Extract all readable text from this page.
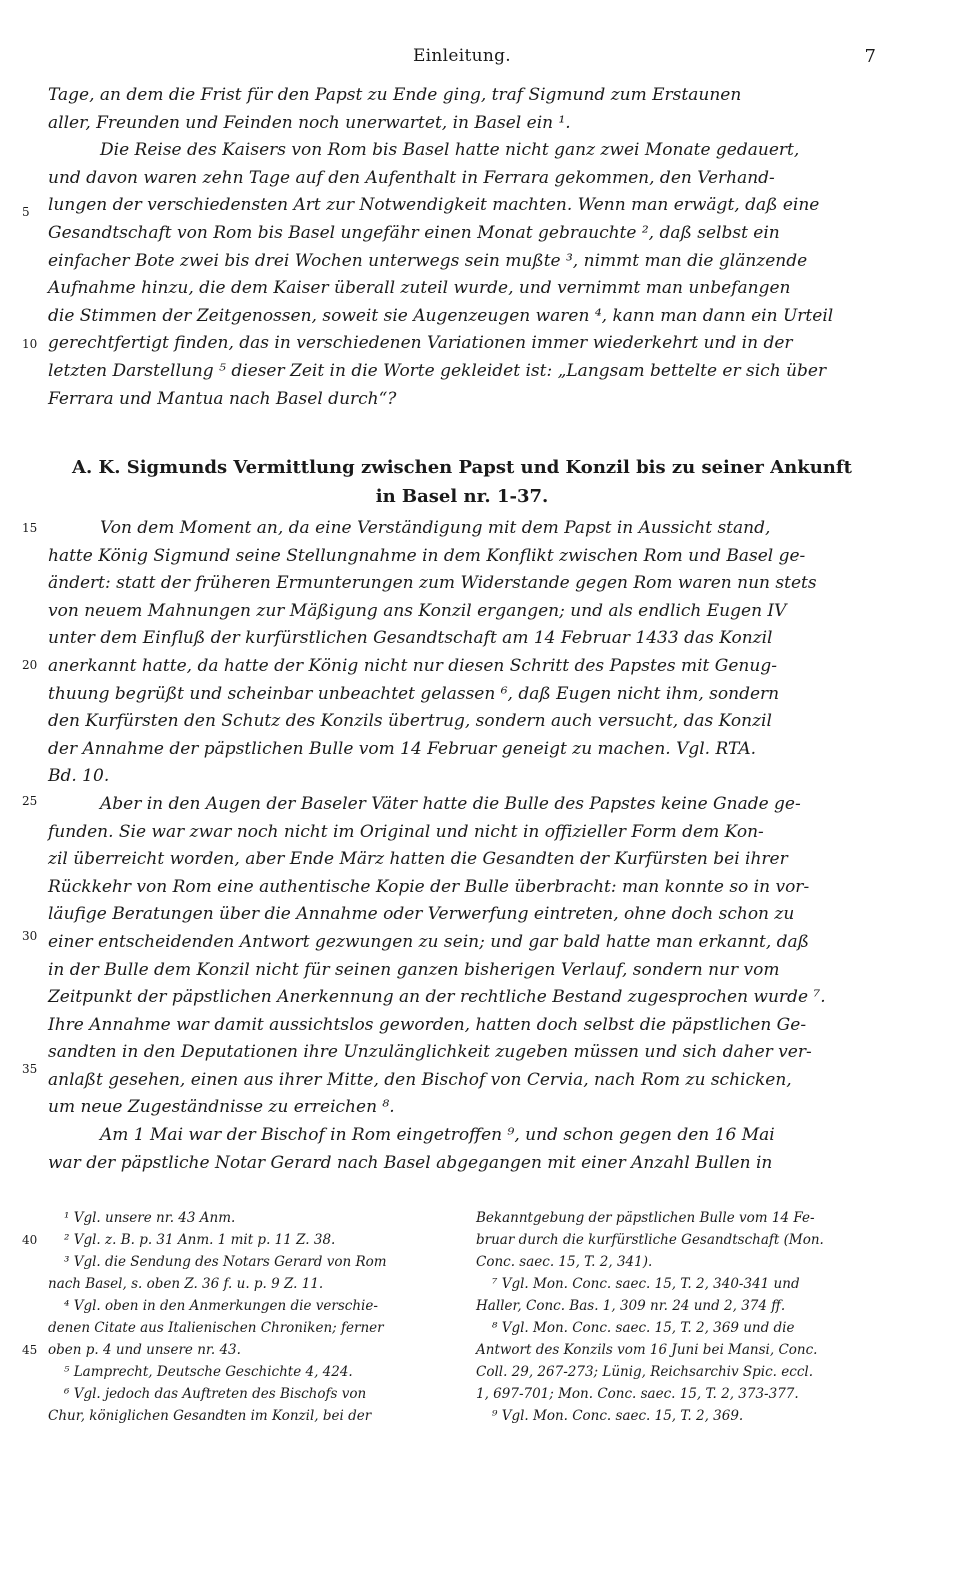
Einleitung.	7
Tage, an dem die Frist für den Papst zu Ende ging, traf Sigmund zum Erstaunen
aller, Freunden und Feinden noch unerwartet, in Basel ein ¹.
Die Reise des Kaisers von Rom bis Basel hatte nicht ganz zwei Monate gedauert,
und davon waren zehn Tage auf den Aufenthalt in Ferrara gekommen, den Verhand-
lungen der verschiedensten Art zur Notwendigkeit machten. Wenn man erwägt, daß eine
Gesandtschaft von Rom bis Basel ungefähr einen Monat gebrauchte ², daß selbst ein
einfacher Bote zwei bis drei Wochen unterwegs sein mußte ³, nimmt man die glänzende
Aufnahme hinzu, die dem Kaiser überall zuteil wurde, und vernimmt man unbefangen
die Stimmen der Zeitgenossen, soweit sie Augenzeugen waren ⁴, kann man dann ein Urteil
gerechtfertigt finden, das in verschiedenen Variationen immer wiederkehrt und in der
letzten Darstellung ⁵ dieser Zeit in die Worte gekleidet ist: „Langsam bettelte er sich über
Ferrara und Mantua nach Basel durch“?
A. K. Sigmunds Vermittlung zwischen Papst und Konzil bis zu seiner Ankunft
in Basel nr. 1-37.
Von dem Moment an, da eine Verständigung mit dem Papst in Aussicht stand,
hatte König Sigmund seine Stellungnahme in dem Konflikt zwischen Rom und Basel ge-
ändert: statt der früheren Ermunterungen zum Widerstande gegen Rom waren nun stets
von neuem Mahnungen zur Mäßigung ans Konzil ergangen; und als endlich Eugen IV
unter dem Einfluß der kurfürstlichen Gesandtschaft am 14 Februar 1433 das Konzil
anerkannt hatte, da hatte der König nicht nur diesen Schritt des Papstes mit Genug-
thuung begrüßt und scheinbar unbeachtet gelassen ⁶, daß Eugen nicht ihm, sondern
den Kurfürsten den Schutz des Konzils übertrug, sondern auch versucht, das Konzil
der Annahme der päpstlichen Bulle vom 14 Februar geneigt zu machen. Vgl. RTA.
Bd. 10.
Aber in den Augen der Baseler Väter hatte die Bulle des Papstes keine Gnade ge-
funden. Sie war zwar noch nicht im Original und nicht in offizieller Form dem Kon-
zil überreicht worden, aber Ende März hatten die Gesandten der Kurfürsten bei ihrer
Rückkehr von Rom eine authentische Kopie der Bulle überbracht: man konnte so in vor-
läufige Beratungen über die Annahme oder Verwerfung eintreten, ohne doch schon zu
einer entscheidenden Antwort gezwungen zu sein; und gar bald hatte man erkannt, daß
in der Bulle dem Konzil nicht für seinen ganzen bisherigen Verlauf, sondern nur vom
Zeitpunkt der päpstlichen Anerkennung an der rechtliche Bestand zugesprochen wurde ⁷.
Ihre Annahme war damit aussichtslos geworden, hatten doch selbst die päpstlichen Ge-
sandten in den Deputationen ihre Unzulänglichkeit zugeben müssen und sich daher ver-
anlaßt gesehen, einen aus ihrer Mitte, den Bischof von Cervia, nach Rom zu schicken,
um neue Zugeständnisse zu erreichen ⁸.
Am 1 Mai war der Bischof in Rom eingetroffen ⁹, und schon gegen den 16 Mai
war der päpstliche Notar Gerard nach Basel abgegangen mit einer Anzahl Bullen in
5
10
15
20
25
30
35
40
45
¹ Vgl. unsere nr. 43 Anm.
² Vgl. z. B. p. 31 Anm. 1 mit p. 11 Z. 38.
³ Vgl. die Sendung des Notars Gerard von Rom
nach Basel, s. oben Z. 36 f. u. p. 9 Z. 11.
⁴ Vgl. oben in den Anmerkungen die verschie-
denen Citate aus Italienischen Chroniken; ferner
oben p. 4 und unsere nr. 43.
⁵ Lamprecht, Deutsche Geschichte 4, 424.
⁶ Vgl. jedoch das Auftreten des Bischofs von
Chur, königlichen Gesandten im Konzil, bei der
Bekanntgebung der päpstlichen Bulle vom 14 Fe-
bruar durch die kurfürstliche Gesandtschaft (Mon.
Conc. saec. 15, T. 2, 341).
⁷ Vgl. Mon. Conc. saec. 15, T. 2, 340-341 und
Haller, Conc. Bas. 1, 309 nr. 24 und 2, 374 ff.
⁸ Vgl. Mon. Conc. saec. 15, T. 2, 369 und die
Antwort des Konzils vom 16 Juni bei Mansi, Conc.
Coll. 29, 267-273; Lünig, Reichsarchiv Spic. eccl.
1, 697-701; Mon. Conc. saec. 15, T. 2, 373-377.
⁹ Vgl. Mon. Conc. saec. 15, T. 2, 369.
